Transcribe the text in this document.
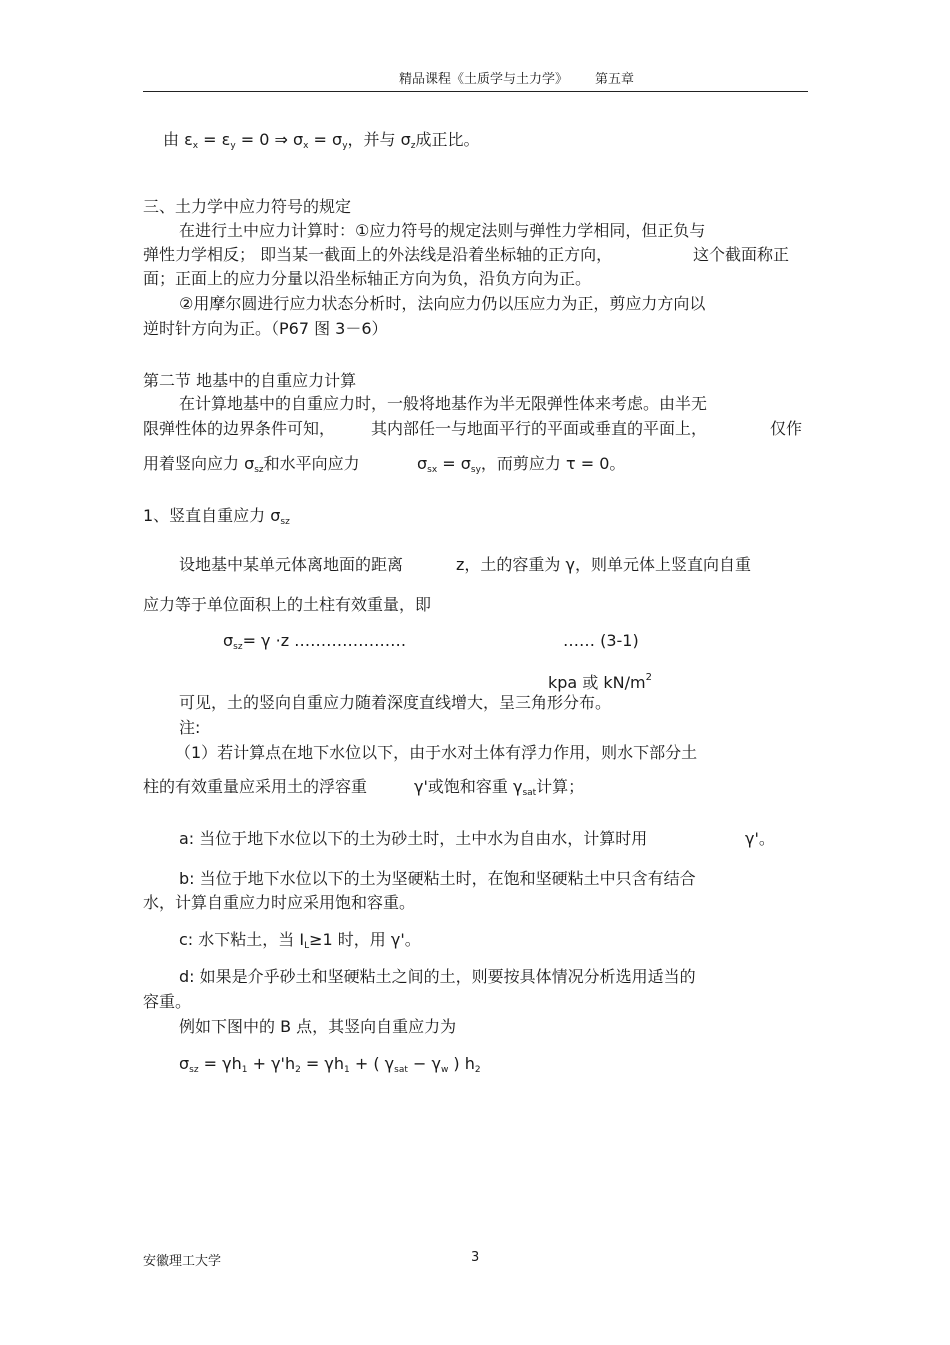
精品课程《土质学与土力学》 第五章
由 $\varepsilon_x = \varepsilon_y = 0$ ⇒ $\sigma_x = \sigma_y$，并与 $\sigma_z$成正比。
三、土力学中应力符号的规定
在进行土中应力计算时：①应力符号的规定法则与弹性力学相同，但正负与
弹性力学相反； 即当某一截面上的外法线是沿着坐标轴的正方向，	这个截面称正
面；正面上的应力分量以沿坐标轴正方向为负，沿负方向为正。
②用摩尔圆进行应力状态分析时，法向应力仍以压应力为正，剪应力方向以
逆时针方向为正。（P67 图 3－6）
第二节 地基中的自重应力计算
在计算地基中的自重应力时，一般将地基作为半无限弹性体来考虑。由半无
限弹性体的边界条件可知， 其内部任一与地面平行的平面或垂直的平面上，	仅作
用着竖向应力 $\sigma_{sz}$和水平向应力	$\sigma_{sx} = \sigma_{sy}$，而剪应力 τ = 0。
1、竖直自重应力 $\sigma_{sz}$
设地基中某单元体离地面的距离	z，土的容重为 γ，则单元体上竖直向自重
应力等于单位面积上的土柱有效重量，即
$\sigma_{sz}= \gamma \cdot z$ …………………	…… (3-1)
kpa 或 $kN/m^2$
可见，土的竖向自重应力随着深度直线增大，呈三角形分布。
注:
（1）若计算点在地下水位以下，由于水对土体有浮力作用，则水下部分土
柱的有效重量应采用土的浮容重	γ'或饱和容重 $\gamma_{sat}$计算；
a: 当位于地下水位以下的土为砂土时，土中水为自由水，计算时用	γ'。
b: 当位于地下水位以下的土为坚硬粘土时，在饱和坚硬粘土中只含有结合
水，计算自重应力时应采用饱和容重。
c: 水下粘土，当 $I_L\ge 1$ 时，用 γ'。
d: 如果是介乎砂土和坚硬粘土之间的土，则要按具体情况分析选用适当的
容重。
例如下图中的 B 点，其竖向自重应力为
$\sigma_{sz} = \gamma h_1 + \gamma'h_2 = \gamma h_1$ + ( $\gamma_{sat} - \gamma_w$ ) $h_2$
安徽理工大学	3
